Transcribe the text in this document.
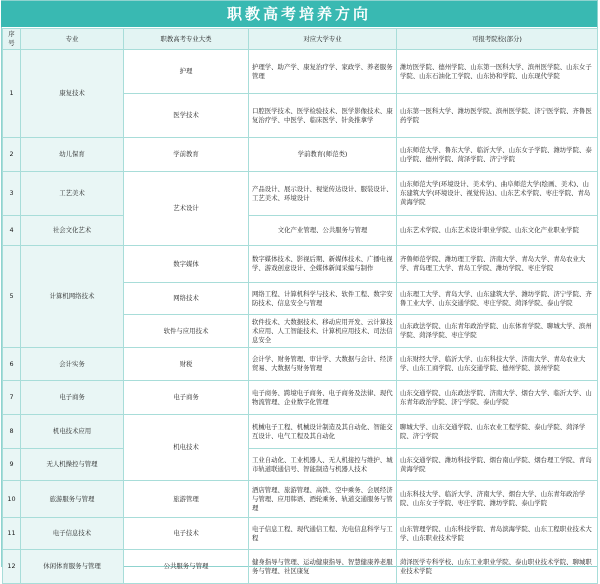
职教高考培养方向
序号	专业	职教高考专业大类	对应大学专业	可报考院校(部分)
1	康复技术	护理	护理学、助产学、康复治疗学、家政学、养老服务管理	潍坊医学院、德州学院、山东第一医科大学、滨州医学院、山东女子学院、山东石油化工学院、山东协和学院、山东现代学院
		医学技术	口腔医学技术、医学检验技术、医学影像技术、康复治疗学、中医学、临床医学、针灸推拿学	山东第一医科大学、潍坊医学院、滨州医学院、济宁医学院、齐鲁医药学院
2	幼儿保育	学前教育	学前教育(师范类)	山东师范大学、鲁东大学、临沂大学、山东女子学院、潍坊学院、泰山学院、德州学院、菏泽学院、济宁学院
3	工艺美术	艺术设计	产品设计、展示设计、视觉传达设计、服装设计、工艺美术、环境设计	山东师范大学(环境设计、美术学)、曲阜师范大学(绘画、美术)、山东建筑大学(环境设计、视觉传达)、山东艺术学院、枣庄学院、青岛黄海学院
4	社会文化艺术		文化产业管理、公共服务与管理	山东艺术学院、山东艺术设计职业学院、山东文化产业职业学院
5	计算机网络技术	数字媒体	数字媒体技术、影视后期、新媒体技术、广播电视学、游戏创意设计、全媒体新闻采编与制作	齐鲁师范学院、潍坊理工学院、济南大学、青岛大学、青岛农业大学、青岛理工大学、青岛工学院、潍坊学院、枣庄学院
		网络技术	网络工程、计算机科学与技术、软件工程、数字安防技术、信息安全与管理	山东理工大学、青岛大学、山东建筑大学、潍坊学院、济宁学院、齐鲁工业大学、山东交通学院、枣庄学院、菏泽学院、泰山学院
		软件与应用技术	软件技术、大数据技术、移动应用开发、云计算技术应用、人工智能技术、计算机应用技术、司法信息安全	山东政法学院、山东青年政治学院、山东体育学院、聊城大学、滨州学院、菏泽学院、枣庄学院
6	会计实务	财税	会计学、财务管理、审计学、大数据与会计、经济贸易、大数据与财务管理	山东财经大学、临沂大学、山东科技大学、济南大学、青岛农业大学、山东工商学院、山东交通学院、德州学院、滨州学院
7	电子商务	电子商务	电子商务、跨境电子商务、电子商务及法律、现代物流管理、企业数字化管理	山东交通学院、山东政法学院、济南大学、烟台大学、临沂大学、山东青年政治学院、济宁学院、泰山学院
8	机电技术应用	机电技术	机械电子工程、机械设计制造及其自动化、智能交互设计、电气工程及其自动化	聊城大学、山东交通学院、山东农业工程学院、泰山学院、菏泽学院、济宁学院
9	无人机操控与管理		工业自动化、工业机器人、无人机接控与维护、城市轨道联通信号、智能制造与机器人技术	山东交通学院、潍坊科技学院、烟台南山学院、烟台理工学院、青岛黄海学院
10	旅游服务与管理	旅游管理	酒店管理、旅游管理、高铁、空中乘务、会展经济与管理、应用韩语、酒轮乘务、轨道交通服务与管理	山东科技大学、临沂大学、济南大学、烟台大学、山东青年政治学院、山东女子学院、枣庄学院、潍坊学院、泰山学院
11	电子信息技术	电子技术	电子信息工程、现代通信工程、光电信息科学与工程	山东管理学院、山东科技学院、青岛滨海学院、山东工程职业技术大学、山东职业技术学院
12	休闲体育服务与管理	公共服务与管理	健身指导与管理、运动健康指导、智慧健康养老服务与管理、社区康复	菏泽医学专科学校、山东工业职业学院、泰山职业技术学院、聊城职业技术学院
